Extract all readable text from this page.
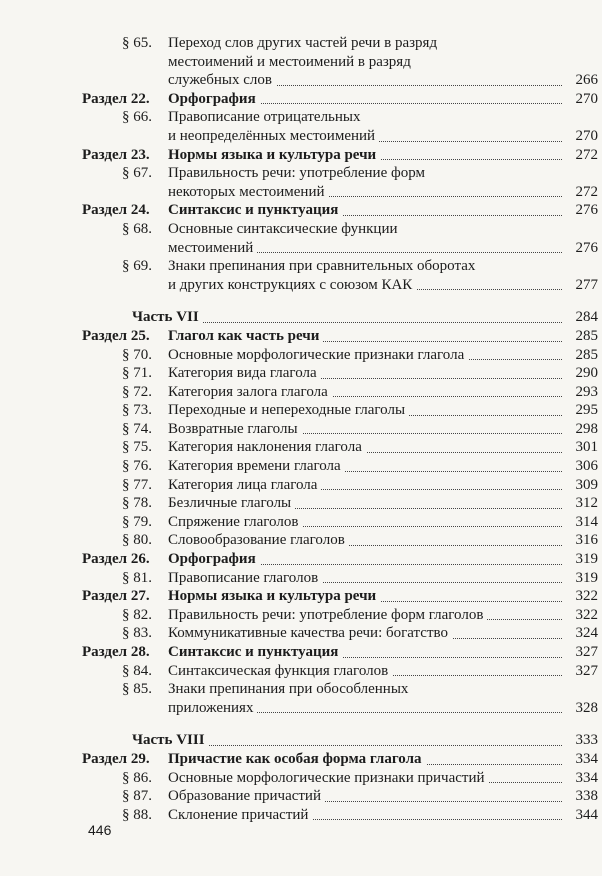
§ 65. Переход слов других частей речи в разряд
местоимений и местоимений в разряд
служебных слов	266
Раздел 22. Орфография	270
§ 66. Правописание отрицательных
и неопределённых местоимений	270
Раздел 23. Нормы языка и культура речи	272
§ 67. Правильность речи: употребление форм
некоторых местоимений	272
Раздел 24. Синтаксис и пунктуация	276
§ 68. Основные синтаксические функции
местоимений	276
§ 69. Знаки препинания при сравнительных оборотах
и других конструкциях с союзом КАК	277
Часть VII	284
Раздел 25. Глагол как часть речи	285
§ 70. Основные морфологические признаки глагола	285
§ 71. Категория вида глагола	290
§ 72. Категория залога глагола	293
§ 73. Переходные и непереходные глаголы	295
§ 74. Возвратные глаголы	298
§ 75. Категория наклонения глагола	301
§ 76. Категория времени глагола	306
§ 77. Категория лица глагола	309
§ 78. Безличные глаголы	312
§ 79. Спряжение глаголов	314
§ 80. Словообразование глаголов	316
Раздел 26. Орфография	319
§ 81. Правописание глаголов	319
Раздел 27. Нормы языка и культура речи	322
§ 82. Правильность речи: употребление форм глаголов	322
§ 83. Коммуникативные качества речи: богатство	324
Раздел 28. Синтаксис и пунктуация	327
§ 84. Синтаксическая функция глаголов	327
§ 85. Знаки препинания при обособленных
приложениях	328
Часть VIII	333
Раздел 29. Причастие как особая форма глагола	334
§ 86. Основные морфологические признаки причастий	334
§ 87. Образование причастий	338
§ 88. Склонение причастий	344
446
